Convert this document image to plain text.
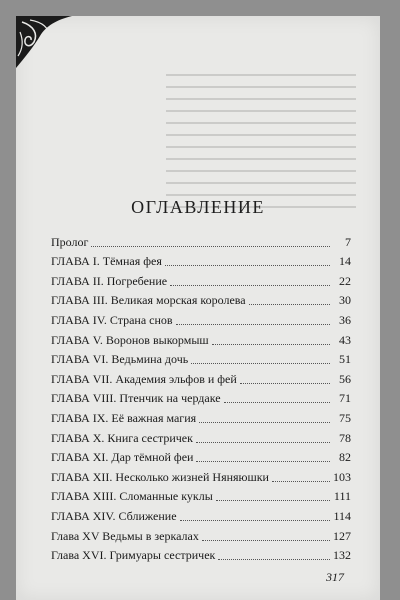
ОГЛАВЛЕНИЕ
Пролог	7
ГЛАВА I. Тёмная фея	14
ГЛАВА II. Погребение	22
ГЛАВА III. Великая морская королева	30
ГЛАВА IV. Страна снов	36
ГЛАВА V. Воронов выкормыш	43
ГЛАВА VI. Ведьмина дочь	51
ГЛАВА VII. Академия эльфов и фей	56
ГЛАВА VIII. Птенчик на чердаке	71
ГЛАВА IX. Её важная магия	75
ГЛАВА X. Книга сестричек	78
ГЛАВА XI. Дар тёмной феи	82
ГЛАВА XII. Несколько жизней Няняюшки	103
ГЛАВА XIII. Сломанные куклы	111
ГЛАВА XIV. Сближение	114
Глава XV Ведьмы в зеркалах	127
Глава XVI. Гримуары сестричек	132
317
